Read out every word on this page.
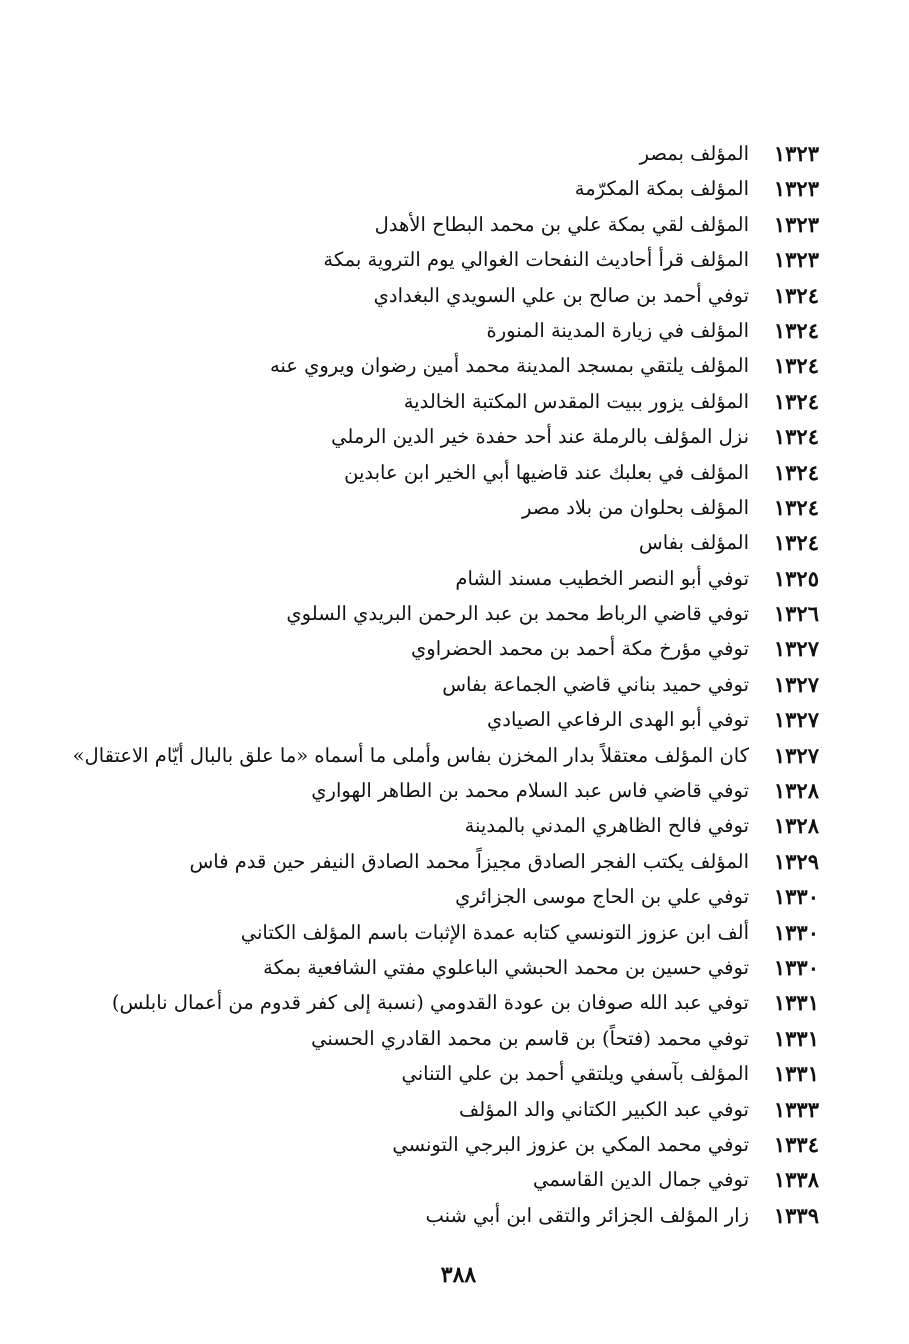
١٣٢٣
المؤلف بمصر
١٣٢٣
المؤلف بمكة المكرّمة
١٣٢٣
المؤلف لقي بمكة علي بن محمد البطاح الأهدل
١٣٢٣
المؤلف قرأ أحاديث النفحات الغوالي يوم التروية بمكة
١٣٢٤
توفي أحمد بن صالح بن علي السويدي البغدادي
١٣٢٤
المؤلف في زيارة المدينة المنورة
١٣٢٤
المؤلف يلتقي بمسجد المدينة محمد أمين رضوان ويروي عنه
١٣٢٤
المؤلف يزور ببيت المقدس المكتبة الخالدية
١٣٢٤
نزل المؤلف بالرملة عند أحد حفدة خير الدين الرملي
١٣٢٤
المؤلف في بعلبك عند قاضيها أبي الخير ابن عابدين
١٣٢٤
المؤلف بحلوان من بلاد مصر
١٣٢٤
المؤلف بفاس
١٣٢٥
توفي أبو النصر الخطيب مسند الشام
١٣٢٦
توفي قاضي الرباط محمد بن عبد الرحمن البريدي السلوي
١٣٢٧
توفي مؤرخ مكة أحمد بن محمد الحضراوي
١٣٢٧
توفي حميد بناني قاضي الجماعة بفاس
١٣٢٧
توفي أبو الهدى الرفاعي الصيادي
١٣٢٧
كان المؤلف معتقلاً بدار المخزن بفاس وأملى ما أسماه «ما علق بالبال أيّام الاعتقال»
١٣٢٨
توفي قاضي فاس عبد السلام محمد بن الطاهر الهواري
١٣٢٨
توفي فالح الظاهري المدني بالمدينة
١٣٢٩
المؤلف يكتب الفجر الصادق مجيزاً محمد الصادق النيفر حين قدم فاس
١٣٣٠
توفي علي بن الحاج موسى الجزائري
١٣٣٠
ألف ابن عزوز التونسي كتابه عمدة الإثبات باسم المؤلف الكتاني
١٣٣٠
توفي حسين بن محمد الحبشي الباعلوي مفتي الشافعية بمكة
١٣٣١
توفي عبد الله صوفان بن عودة القدومي (نسبة إلى كفر قدوم من أعمال نابلس)
١٣٣١
توفي محمد (فتحاً) بن قاسم بن محمد القادري الحسني
١٣٣١
المؤلف بآسفي ويلتقي أحمد بن علي التناني
١٣٣٣
توفي عبد الكبير الكتاني والد المؤلف
١٣٣٤
توفي محمد المكي بن عزوز البرجي التونسي
١٣٣٨
توفي جمال الدين القاسمي
١٣٣٩
زار المؤلف الجزائر والتقى ابن أبي شنب
٣٨٨
